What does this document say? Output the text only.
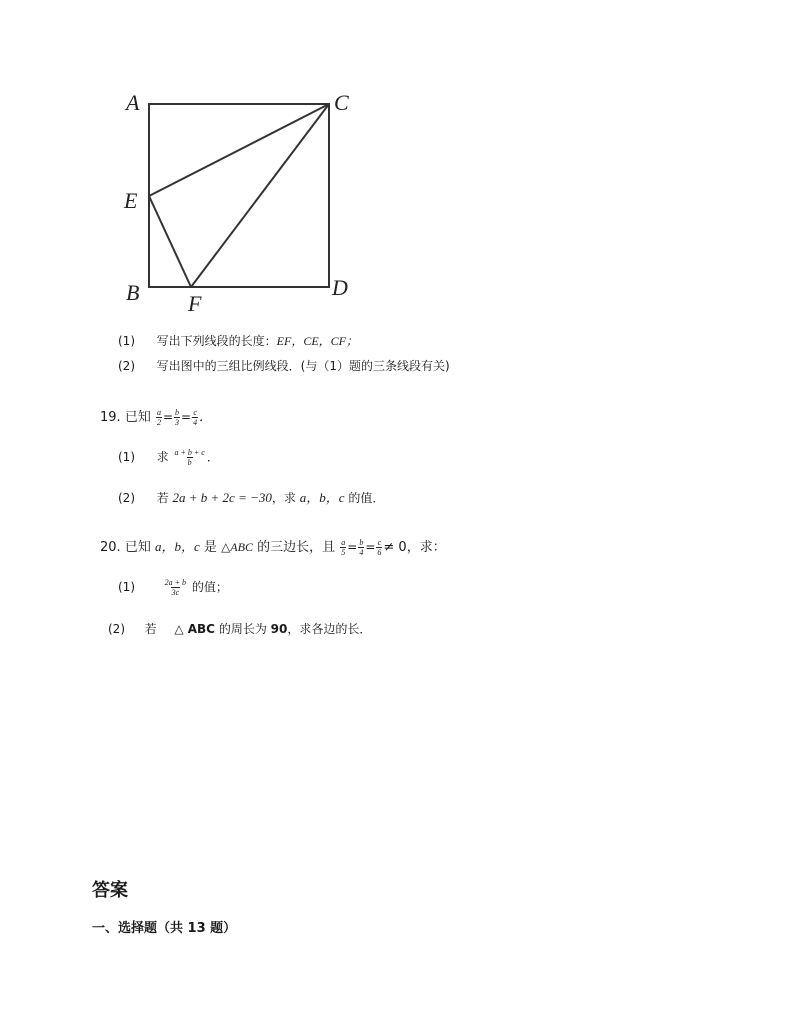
A	C
E
B F
D
(1) 写出下列线段的长度：EF，CE，CF；
(2) 写出图中的三组比例线段．(与（1）题的三条线段有关)
19. 已知 $\frac{a}{2} = \frac{b}{3} = \frac{c}{4}$ ．
(1) 求 $\frac{a + b + c}{b}$ ．
(2) 若 2a + b + 2c = −30，求 a，b，c 的值．
20. 已知 a，b，c 是 △ABC 的三边长，且 $\frac{a}{5} = \frac{b}{4} = \frac{c}{6} \ne 0$，求：
(1)	$\frac{2a + b}{3c}$ 的值；
(2) 若 △ ABC 的周长为 90，求各边的长．
答案
一、选择题（共 13 题）
